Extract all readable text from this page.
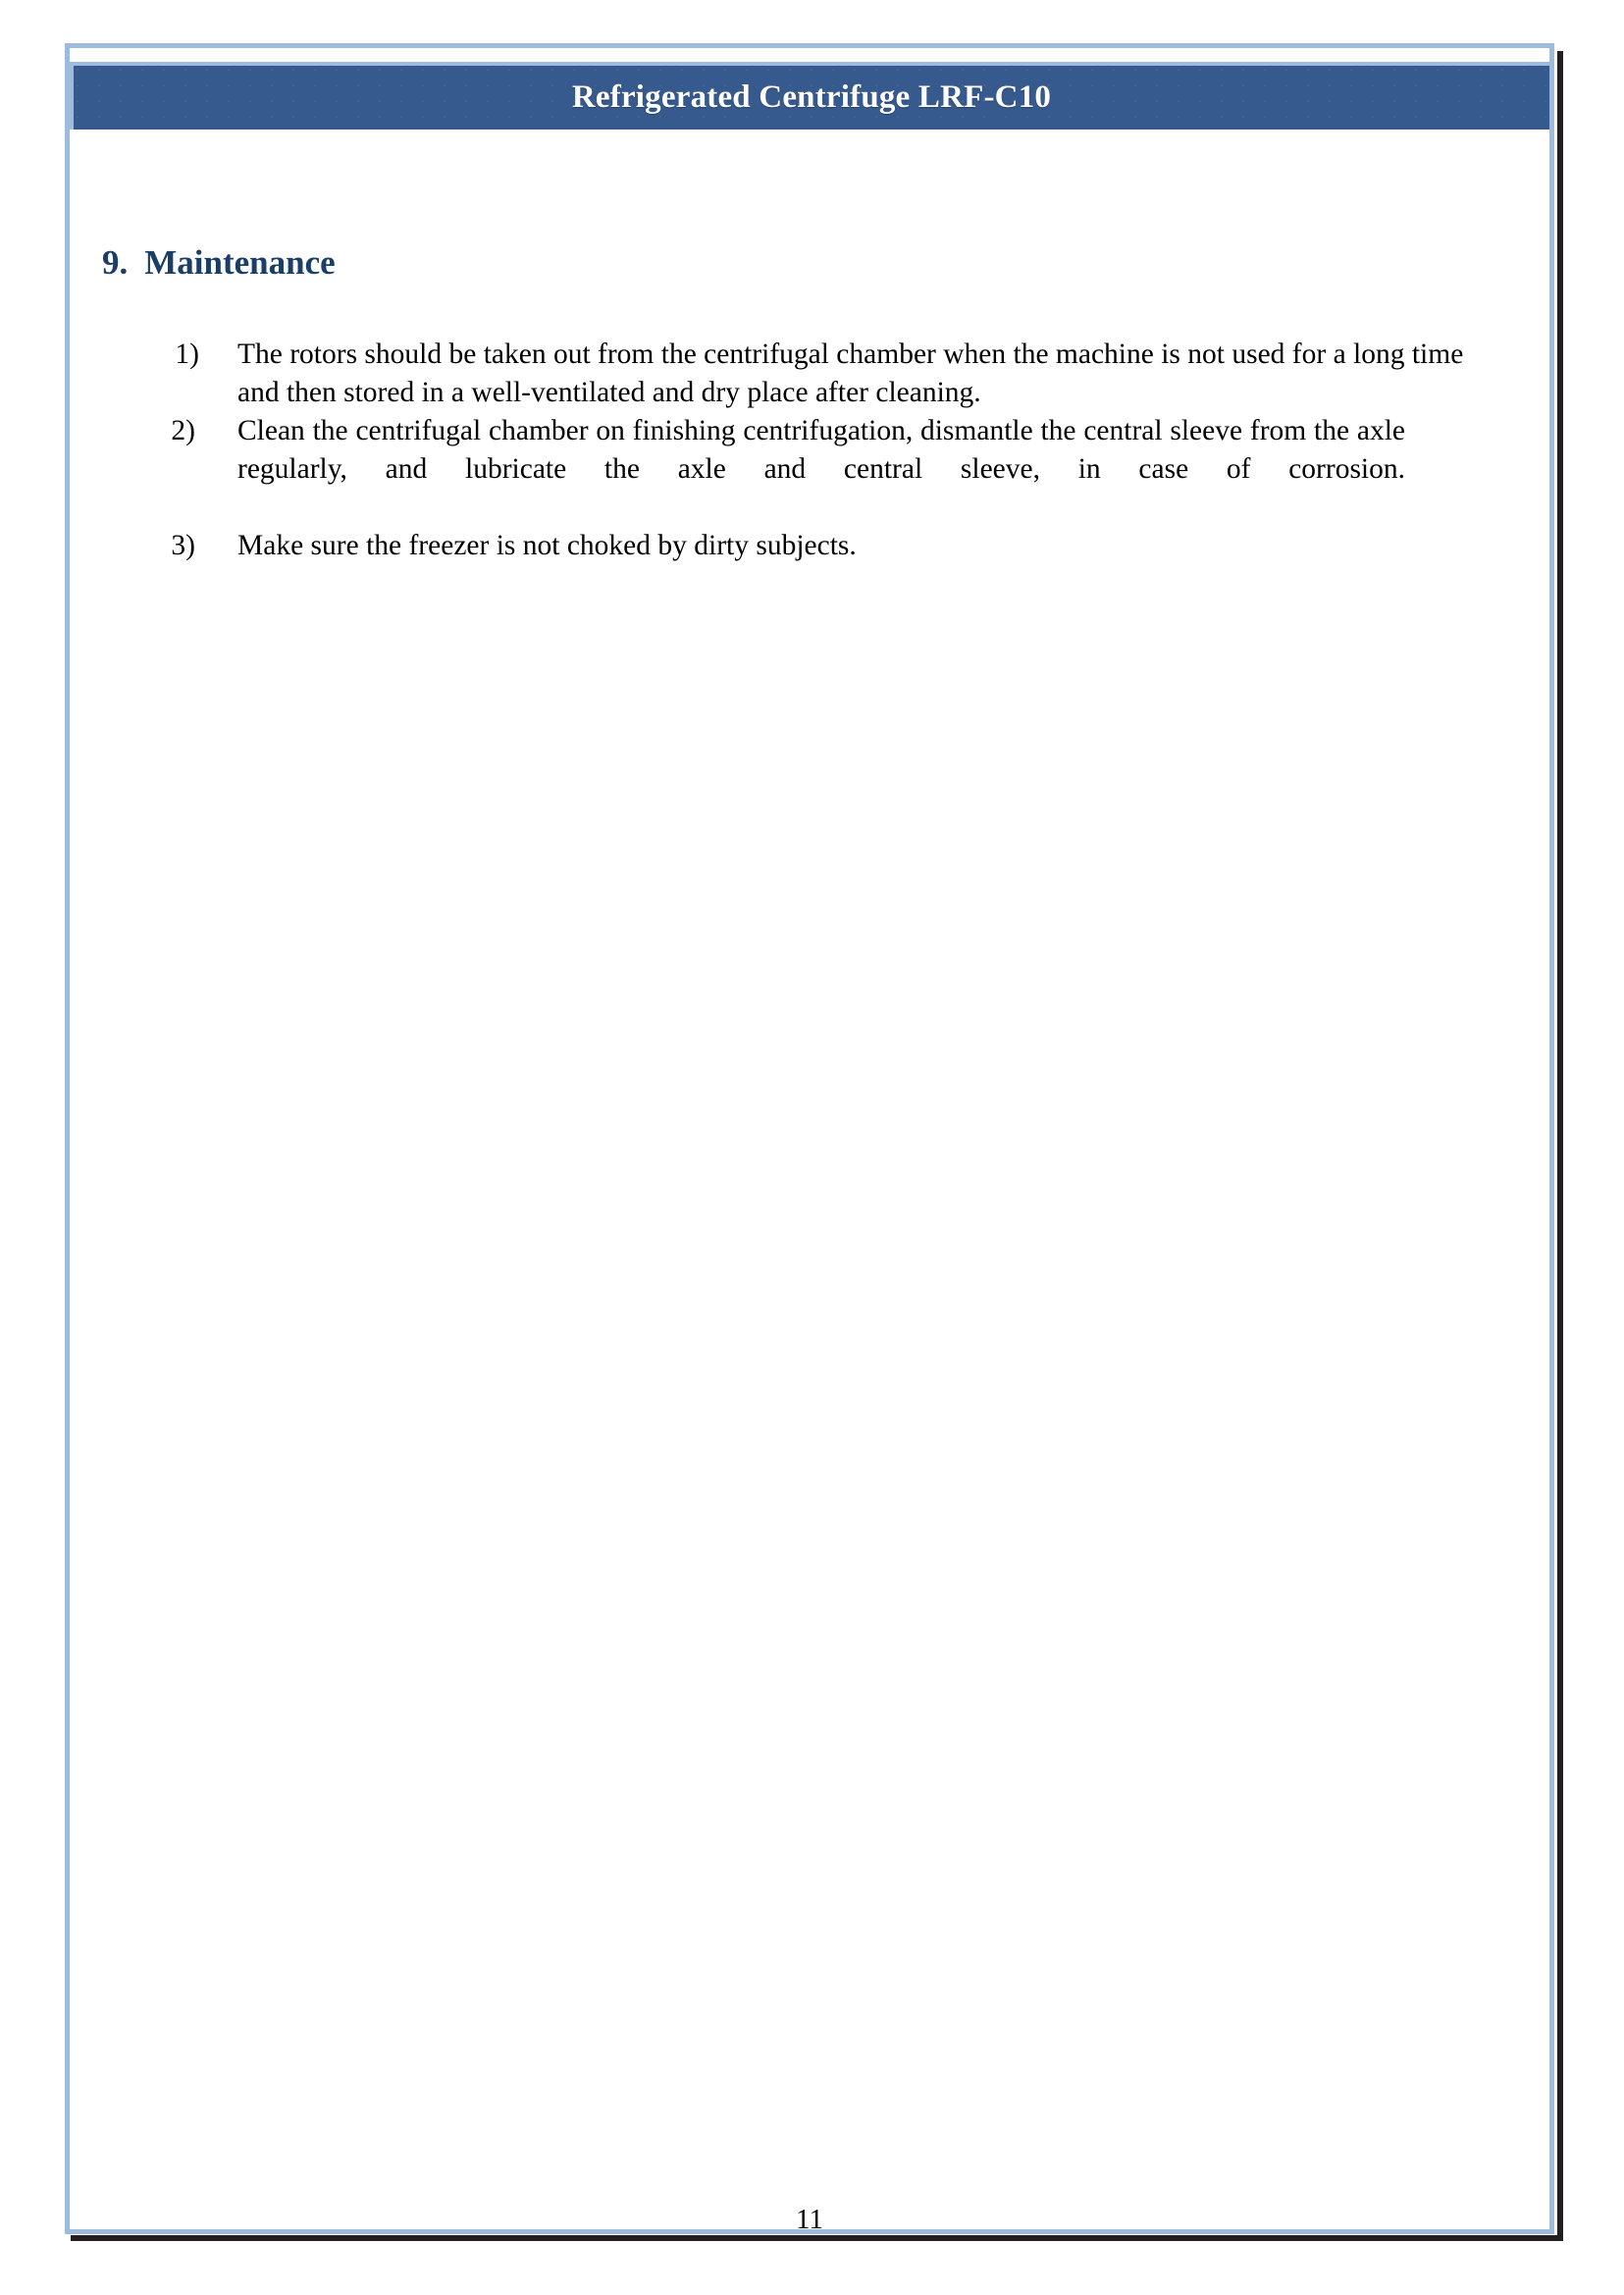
Refrigerated Centrifuge LRF-C10
9. Maintenance
1) The rotors should be taken out from the centrifugal chamber when the machine is not used for a long time and then stored in a well-ventilated and dry place after cleaning.
2) Clean the centrifugal chamber on finishing centrifugation, dismantle the central sleeve from the axle regularly, and lubricate the axle and central sleeve, in case of corrosion.
3) Make sure the freezer is not choked by dirty subjects.
11
